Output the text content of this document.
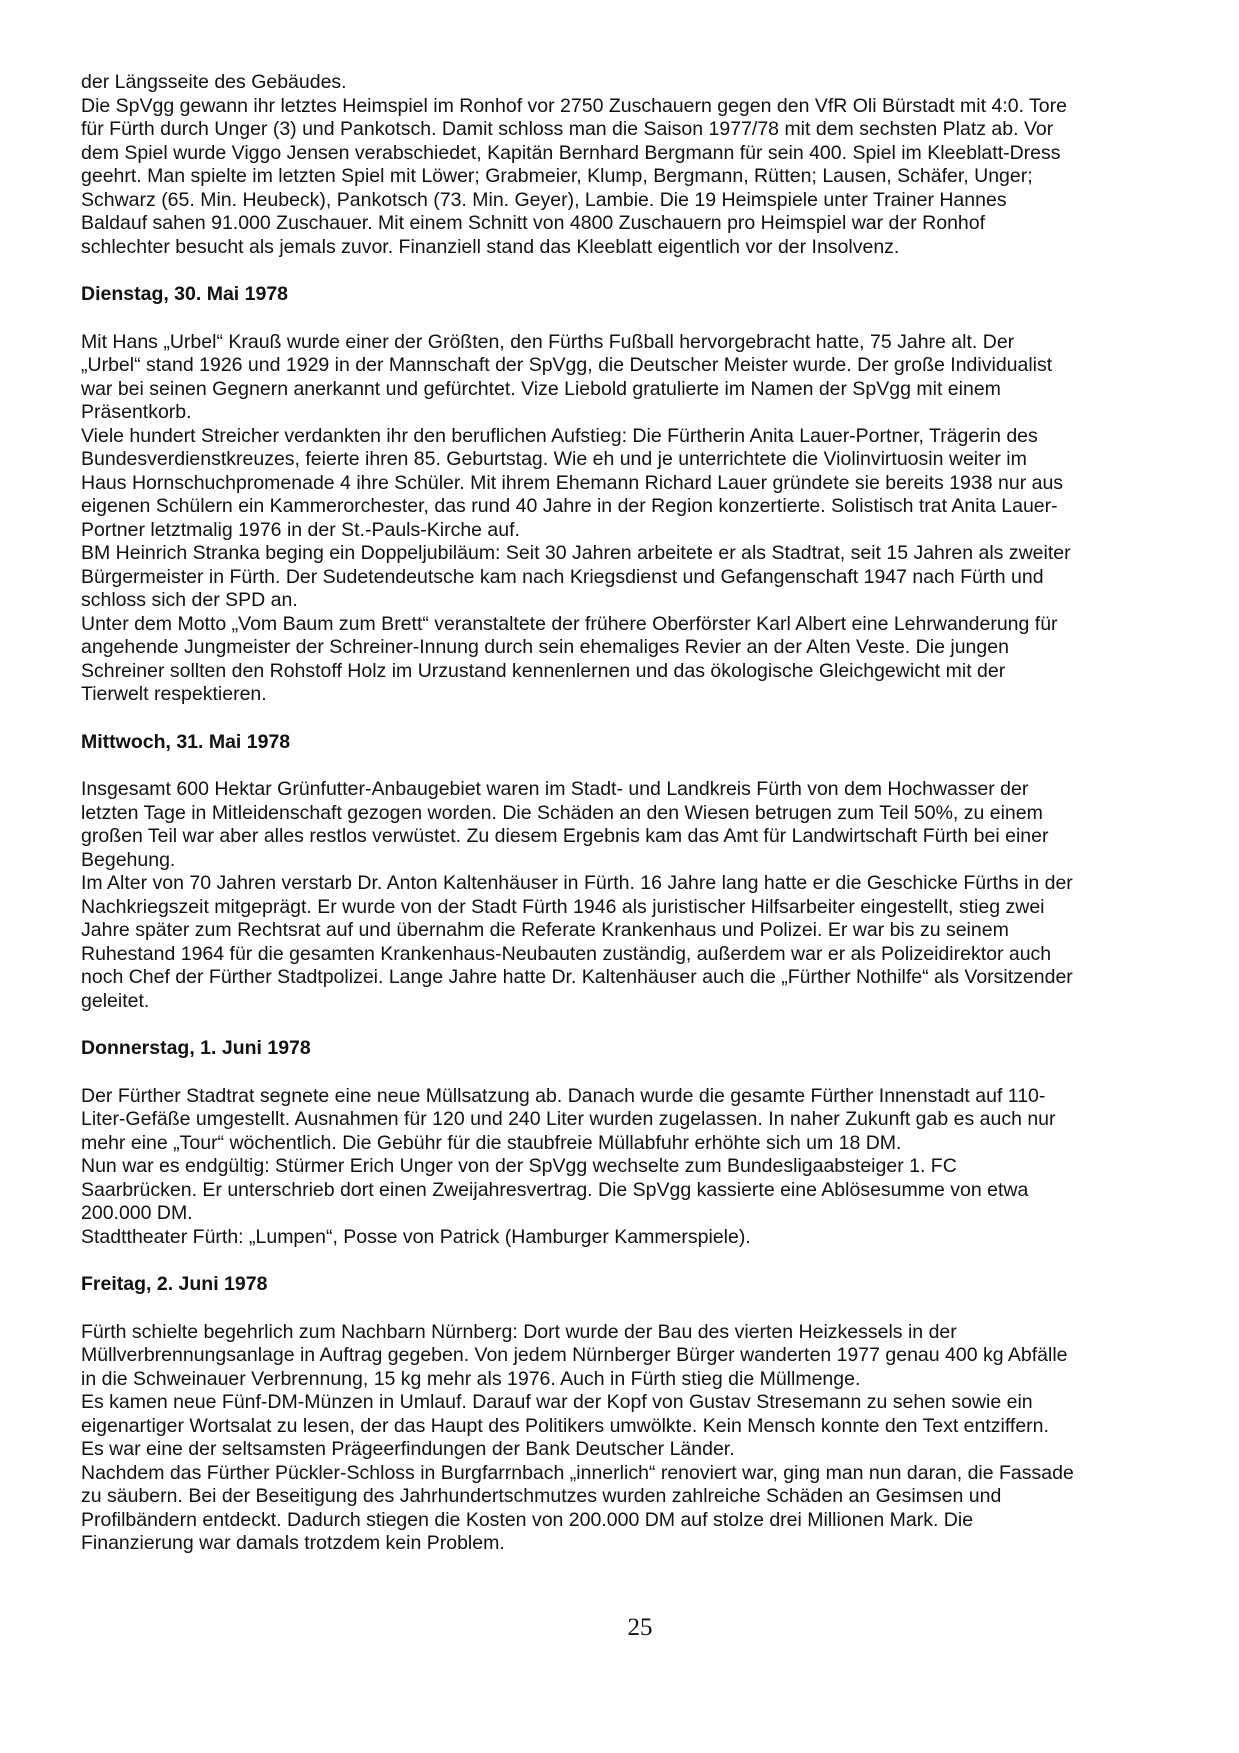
der Längsseite des Gebäudes.
Die SpVgg gewann ihr letztes Heimspiel im Ronhof vor 2750 Zuschauern gegen den VfR Oli Bürstadt mit 4:0. Tore
für Fürth durch Unger (3) und Pankotsch. Damit schloss man die Saison 1977/78 mit dem sechsten Platz ab. Vor
dem Spiel wurde Viggo Jensen verabschiedet, Kapitän Bernhard Bergmann für sein 400. Spiel im Kleeblatt-Dress
geehrt. Man spielte im letzten Spiel mit Löwer; Grabmeier, Klump, Bergmann, Rütten; Lausen, Schäfer, Unger;
Schwarz (65. Min. Heubeck), Pankotsch (73. Min. Geyer), Lambie. Die 19 Heimspiele unter Trainer Hannes
Baldauf sahen 91.000 Zuschauer. Mit einem Schnitt von 4800 Zuschauern pro Heimspiel war der Ronhof
schlechter besucht als jemals zuvor. Finanziell stand das Kleeblatt eigentlich vor der Insolvenz.
Dienstag, 30. Mai 1978
Mit Hans „Urbel“ Krauß wurde einer der Größten, den Fürths Fußball hervorgebracht hatte, 75 Jahre alt. Der
„Urbel“ stand 1926 und 1929 in der Mannschaft der SpVgg, die Deutscher Meister wurde. Der große Individualist
war bei seinen Gegnern anerkannt und gefürchtet. Vize Liebold gratulierte im Namen der SpVgg mit einem
Präsentkorb.
Viele hundert Streicher verdankten ihr den beruflichen Aufstieg: Die Fürtherin Anita Lauer-Portner, Trägerin des
Bundesverdienstkreuzes, feierte ihren 85. Geburtstag. Wie eh und je unterrichtete die Violinvirtuosin weiter im
Haus Hornschuchpromenade 4 ihre Schüler. Mit ihrem Ehemann Richard Lauer gründete sie bereits 1938 nur aus
eigenen Schülern ein Kammerorchester, das rund 40 Jahre in der Region konzertierte. Solistisch trat Anita Lauer-
Portner letztmalig 1976 in der St.-Pauls-Kirche auf.
BM Heinrich Stranka beging ein Doppeljubiläum: Seit 30 Jahren arbeitete er als Stadtrat, seit 15 Jahren als zweiter
Bürgermeister in Fürth. Der Sudetendeutsche kam nach Kriegsdienst und Gefangenschaft 1947 nach Fürth und
schloss sich der SPD an.
Unter dem Motto „Vom Baum zum Brett“ veranstaltete der frühere Oberförster Karl Albert eine Lehrwanderung für
angehende Jungmeister der Schreiner-Innung durch sein ehemaliges Revier an der Alten Veste. Die jungen
Schreiner sollten den Rohstoff Holz im Urzustand kennenlernen und das ökologische Gleichgewicht mit der
Tierwelt respektieren.
Mittwoch, 31. Mai 1978
Insgesamt 600 Hektar Grünfutter-Anbaugebiet waren im Stadt- und Landkreis Fürth von dem Hochwasser der
letzten Tage in Mitleidenschaft gezogen worden. Die Schäden an den Wiesen betrugen zum Teil 50%, zu einem
großen Teil war aber alles restlos verwüstet. Zu diesem Ergebnis kam das Amt für Landwirtschaft Fürth bei einer
Begehung.
Im Alter von 70 Jahren verstarb Dr. Anton Kaltenhäuser in Fürth. 16 Jahre lang hatte er die Geschicke Fürths in der
Nachkriegszeit mitgeprägt. Er wurde von der Stadt Fürth 1946 als juristischer Hilfsarbeiter eingestellt, stieg zwei
Jahre später zum Rechtsrat auf und übernahm die Referate Krankenhaus und Polizei. Er war bis zu seinem
Ruhestand 1964 für die gesamten Krankenhaus-Neubauten zuständig, außerdem war er als Polizeidirektor auch
noch Chef der Fürther Stadtpolizei. Lange Jahre hatte Dr. Kaltenhäuser auch die „Fürther Nothilfe“ als Vorsitzender
geleitet.
Donnerstag, 1. Juni 1978
Der Fürther Stadtrat segnete eine neue Müllsatzung ab. Danach wurde die gesamte Fürther Innenstadt auf 110-
Liter-Gefäße umgestellt. Ausnahmen für 120 und 240 Liter wurden zugelassen. In naher Zukunft gab es auch nur
mehr eine „Tour“ wöchentlich. Die Gebühr für die staubfreie Müllabfuhr erhöhte sich um 18 DM.
Nun war es endgültig: Stürmer Erich Unger von der SpVgg wechselte zum Bundesligaabsteiger 1. FC
Saarbrücken. Er unterschrieb dort einen Zweijahresvertrag. Die SpVgg kassierte eine Ablösesumme von etwa
200.000 DM.
Stadttheater Fürth: „Lumpen“, Posse von Patrick (Hamburger Kammerspiele).
Freitag, 2. Juni 1978
Fürth schielte begehrlich zum Nachbarn Nürnberg: Dort wurde der Bau des vierten Heizkessels in der
Müllverbrennungsanlage in Auftrag gegeben. Von jedem Nürnberger Bürger wanderten 1977 genau 400 kg Abfälle
in die Schweinauer Verbrennung, 15 kg mehr als 1976. Auch in Fürth stieg die Müllmenge.
Es kamen neue Fünf-DM-Münzen in Umlauf. Darauf war der Kopf von Gustav Stresemann zu sehen sowie ein
eigenartiger Wortsalat zu lesen, der das Haupt des Politikers umwölkte. Kein Mensch konnte den Text entziffern.
Es war eine der seltsamsten Prägeerfindungen der Bank Deutscher Länder.
Nachdem das Fürther Pückler-Schloss in Burgfarrnbach „innerlich“ renoviert war, ging man nun daran, die Fassade
zu säubern. Bei der Beseitigung des Jahrhundertschmutzes wurden zahlreiche Schäden an Gesimsen und
Profilbändern entdeckt. Dadurch stiegen die Kosten von 200.000 DM auf stolze drei Millionen Mark. Die
Finanzierung war damals trotzdem kein Problem.
25
